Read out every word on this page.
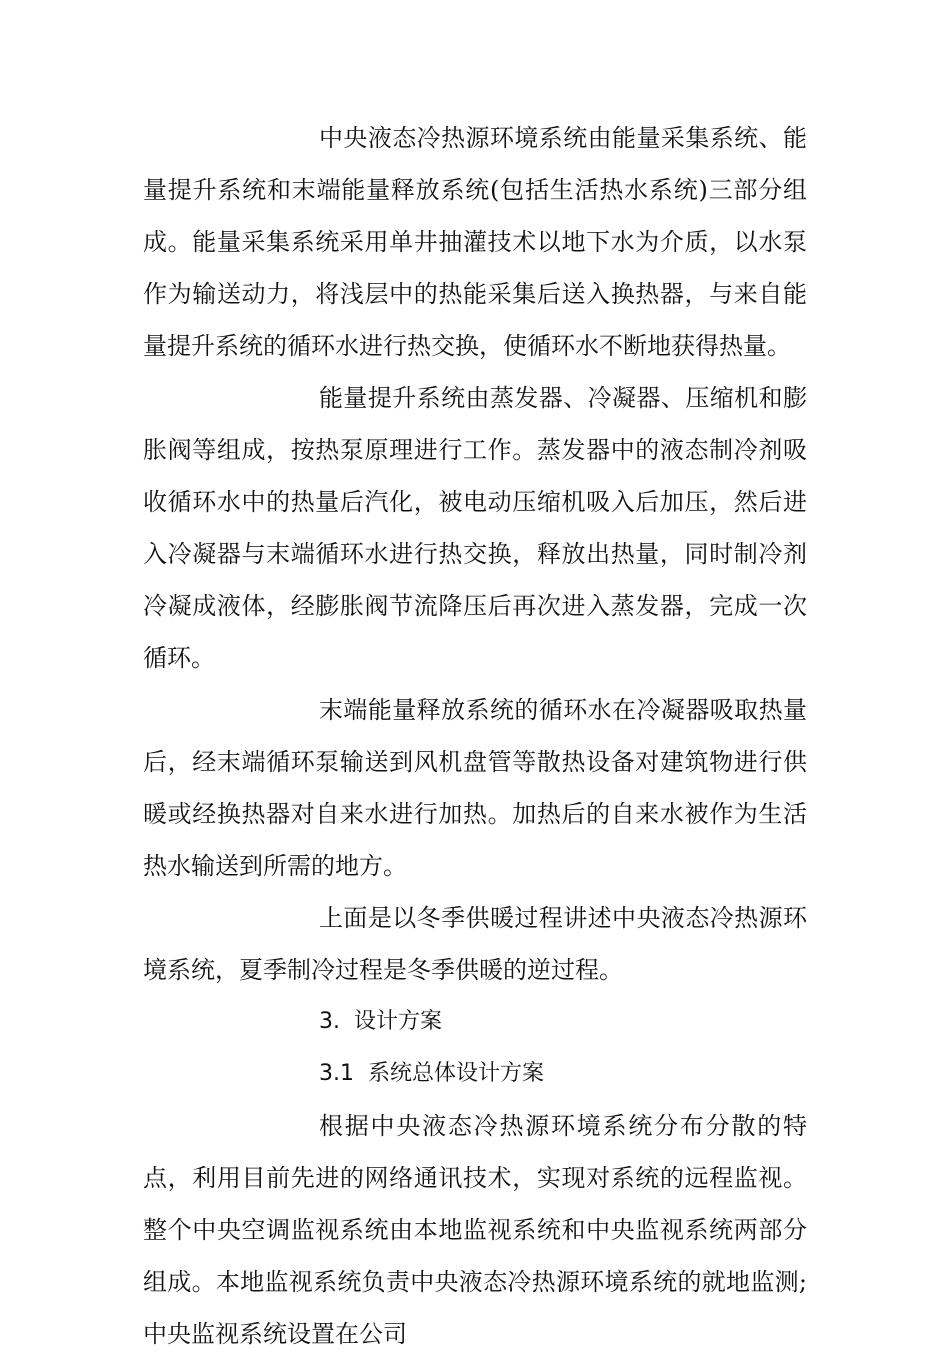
中央液态冷热源环境系统由能量采集系统、能量提升系统和末端能量释放系统(包括生活热水系统)三部分组成。能量采集系统采用单井抽灌技术以地下水为介质，以水泵作为输送动力，将浅层中的热能采集后送入换热器，与来自能量提升系统的循环水进行热交换，使循环水不断地获得热量。

能量提升系统由蒸发器、冷凝器、压缩机和膨胀阀等组成，按热泵原理进行工作。蒸发器中的液态制冷剂吸收循环水中的热量后汽化，被电动压缩机吸入后加压，然后进入冷凝器与末端循环水进行热交换，释放出热量，同时制冷剂冷凝成液体，经膨胀阀节流降压后再次进入蒸发器，完成一次循环。

末端能量释放系统的循环水在冷凝器吸取热量后，经末端循环泵输送到风机盘管等散热设备对建筑物进行供暖或经换热器对自来水进行加热。加热后的自来水被作为生活热水输送到所需的地方。

上面是以冬季供暖过程讲述中央液态冷热源环境系统，夏季制冷过程是冬季供暖的逆过程。

3.  设计方案

3.1  系统总体设计方案

根据中央液态冷热源环境系统分布分散的特点，利用目前先进的网络通讯技术，实现对系统的远程监视。整个中央空调监视系统由本地监视系统和中央监视系统两部分组成。本地监视系统负责中央液态冷热源环境系统的就地监测;中央监视系统设置在公司
